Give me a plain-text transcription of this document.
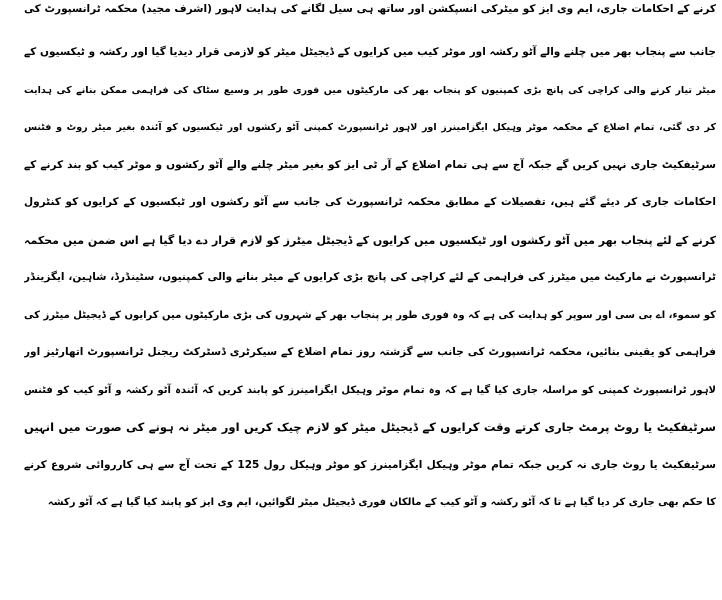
کرنے کے احکامات جاری، ایم وی ایز کو میٹرکی انسپکشن اور ساتھ ہی سیل لگانے کی ہدایت لاہور (اشرف مجید) محکمہ ٹرانسپورٹ کی
جانب سے پنجاب بھر میں چلنے والے آٹو رکشہ اور موٹر کیب میں کرایوں کے ڈیجیٹل میٹر کو لازمی قرار دیدیا گیا اور رکشہ و ٹیکسیوں کے
میٹر تیار کرنے والی کراچی کی پانچ بڑی کمپنیوں کو پنجاب بھر کی مارکیٹوں میں فوری طور پر وسیع سٹاک کی فراہمی ممکن بنانے کی ہدایت
کر دی گئی، تمام اضلاع کے محکمہ موٹر وہیکل ایگزامینرز اور لاہور ٹرانسپورٹ کمپنی آٹو رکشوں اور ٹیکسیوں کو آئندہ بغیر میٹر روٹ و فٹنس
سرٹیفکیٹ جاری نہیں کریں گے جبکہ آج سے ہی تمام اضلاع کے آر ٹی ایز کو بغیر میٹر چلنے والے آٹو رکشوں و موٹر کیب کو بند کرنے کے
احکامات جاری کر دیئے گئے ہیں، تفصیلات کے مطابق محکمہ ٹرانسپورٹ کی جانب سے آٹو رکشوں اور ٹیکسیوں کے کرایوں کو کنٹرول
کرنے کے لئے پنجاب بھر میں آٹو رکشوں اور ٹیکسیوں میں کرایوں کے ڈیجیٹل میٹرز کو لازم قرار دے دیا گیا ہے اس ضمن میں محکمہ
ٹرانسپورٹ نے مارکیٹ میں میٹرز کی فراہمی کے لئے کراچی کی پانچ بڑی کرایوں کے میٹر بنانے والی کمپنیوں، سٹینڈرڈ، شاہین، ایگزینڈر
کو سموء، اے بی سی اور سوپر کو ہدایت کی ہے کہ وہ فوری طور پر پنجاب بھر کے شہروں کی بڑی مارکیٹوں میں کرایوں کے ڈیجیٹل میٹرز کی
فراہمی کو یقینی بنائیں، محکمہ ٹرانسپورٹ کی جانب سے گزشتہ روز تمام اضلاع کے سیکرٹری ڈسٹرکٹ ریجنل ٹرانسپورٹ اتھارٹیز اور
لاہور ٹرانسپورٹ کمپنی کو مراسلہ جاری کیا گیا ہے کہ وہ تمام موٹر وہیکل ایگزامینرز کو پابند کریں کہ آئندہ آٹو رکشہ و آٹو کیب کو فٹنس
سرٹیفکیٹ یا روٹ پرمٹ جاری کرتے وقت کرایوں کے ڈیجیٹل میٹر کو لازم چیک کریں اور میٹر نہ ہونے کی صورت میں انہیں
سرٹیفکیٹ یا روٹ جاری نہ کریں جبکہ تمام موٹر وہیکل ایگزامینرز کو موٹر وہیکل رول 125 کے تحت آج سے ہی کارروائی شروع کرنے
کا حکم بھی جاری کر دیا گیا ہے تا کہ آٹو رکشہ و آٹو کیب کے مالکان فوری ڈیجیٹل میٹر لگوائیں، ایم وی ایز کو پابند کیا گیا ہے کہ آٹو رکشہ
